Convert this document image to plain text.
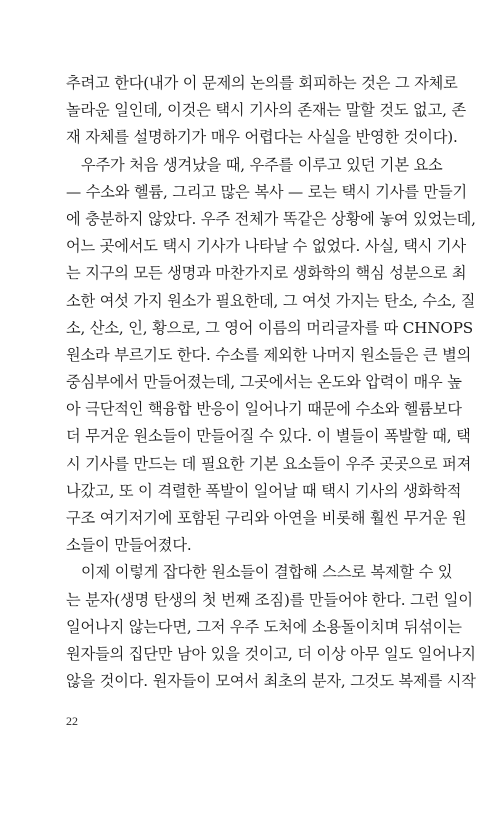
추려고 한다(내가 이 문제의 논의를 회피하는 것은 그 자체로
놀라운 일인데, 이것은 택시 기사의 존재는 말할 것도 없고, 존
재 자체를 설명하기가 매우 어렵다는 사실을 반영한 것이다).
우주가 처음 생겨났을 때, 우주를 이루고 있던 기본 요소
— 수소와 헬륨, 그리고 많은 복사 — 로는 택시 기사를 만들기
에 충분하지 않았다. 우주 전체가 똑같은 상황에 놓여 있었는데,
어느 곳에서도 택시 기사가 나타날 수 없었다. 사실, 택시 기사
는 지구의 모든 생명과 마찬가지로 생화학의 핵심 성분으로 최
소한 여섯 가지 원소가 필요한데, 그 여섯 가지는 탄소, 수소, 질
소, 산소, 인, 황으로, 그 영어 이름의 머리글자를 따 CHNOPS
원소라 부르기도 한다. 수소를 제외한 나머지 원소들은 큰 별의
중심부에서 만들어졌는데, 그곳에서는 온도와 압력이 매우 높
아 극단적인 핵융합 반응이 일어나기 때문에 수소와 헬륨보다
더 무거운 원소들이 만들어질 수 있다. 이 별들이 폭발할 때, 택
시 기사를 만드는 데 필요한 기본 요소들이 우주 곳곳으로 퍼져
나갔고, 또 이 격렬한 폭발이 일어날 때 택시 기사의 생화학적
구조 여기저기에 포함된 구리와 아연을 비롯해 훨씬 무거운 원
소들이 만들어졌다.
이제 이렇게 잡다한 원소들이 결합해 스스로 복제할 수 있
는 분자(생명 탄생의 첫 번째 조짐)를 만들어야 한다. 그런 일이
일어나지 않는다면, 그저 우주 도처에 소용돌이치며 뒤섞이는
원자들의 집단만 남아 있을 것이고, 더 이상 아무 일도 일어나지
않을 것이다. 원자들이 모여서 최초의 분자, 그것도 복제를 시작
22
